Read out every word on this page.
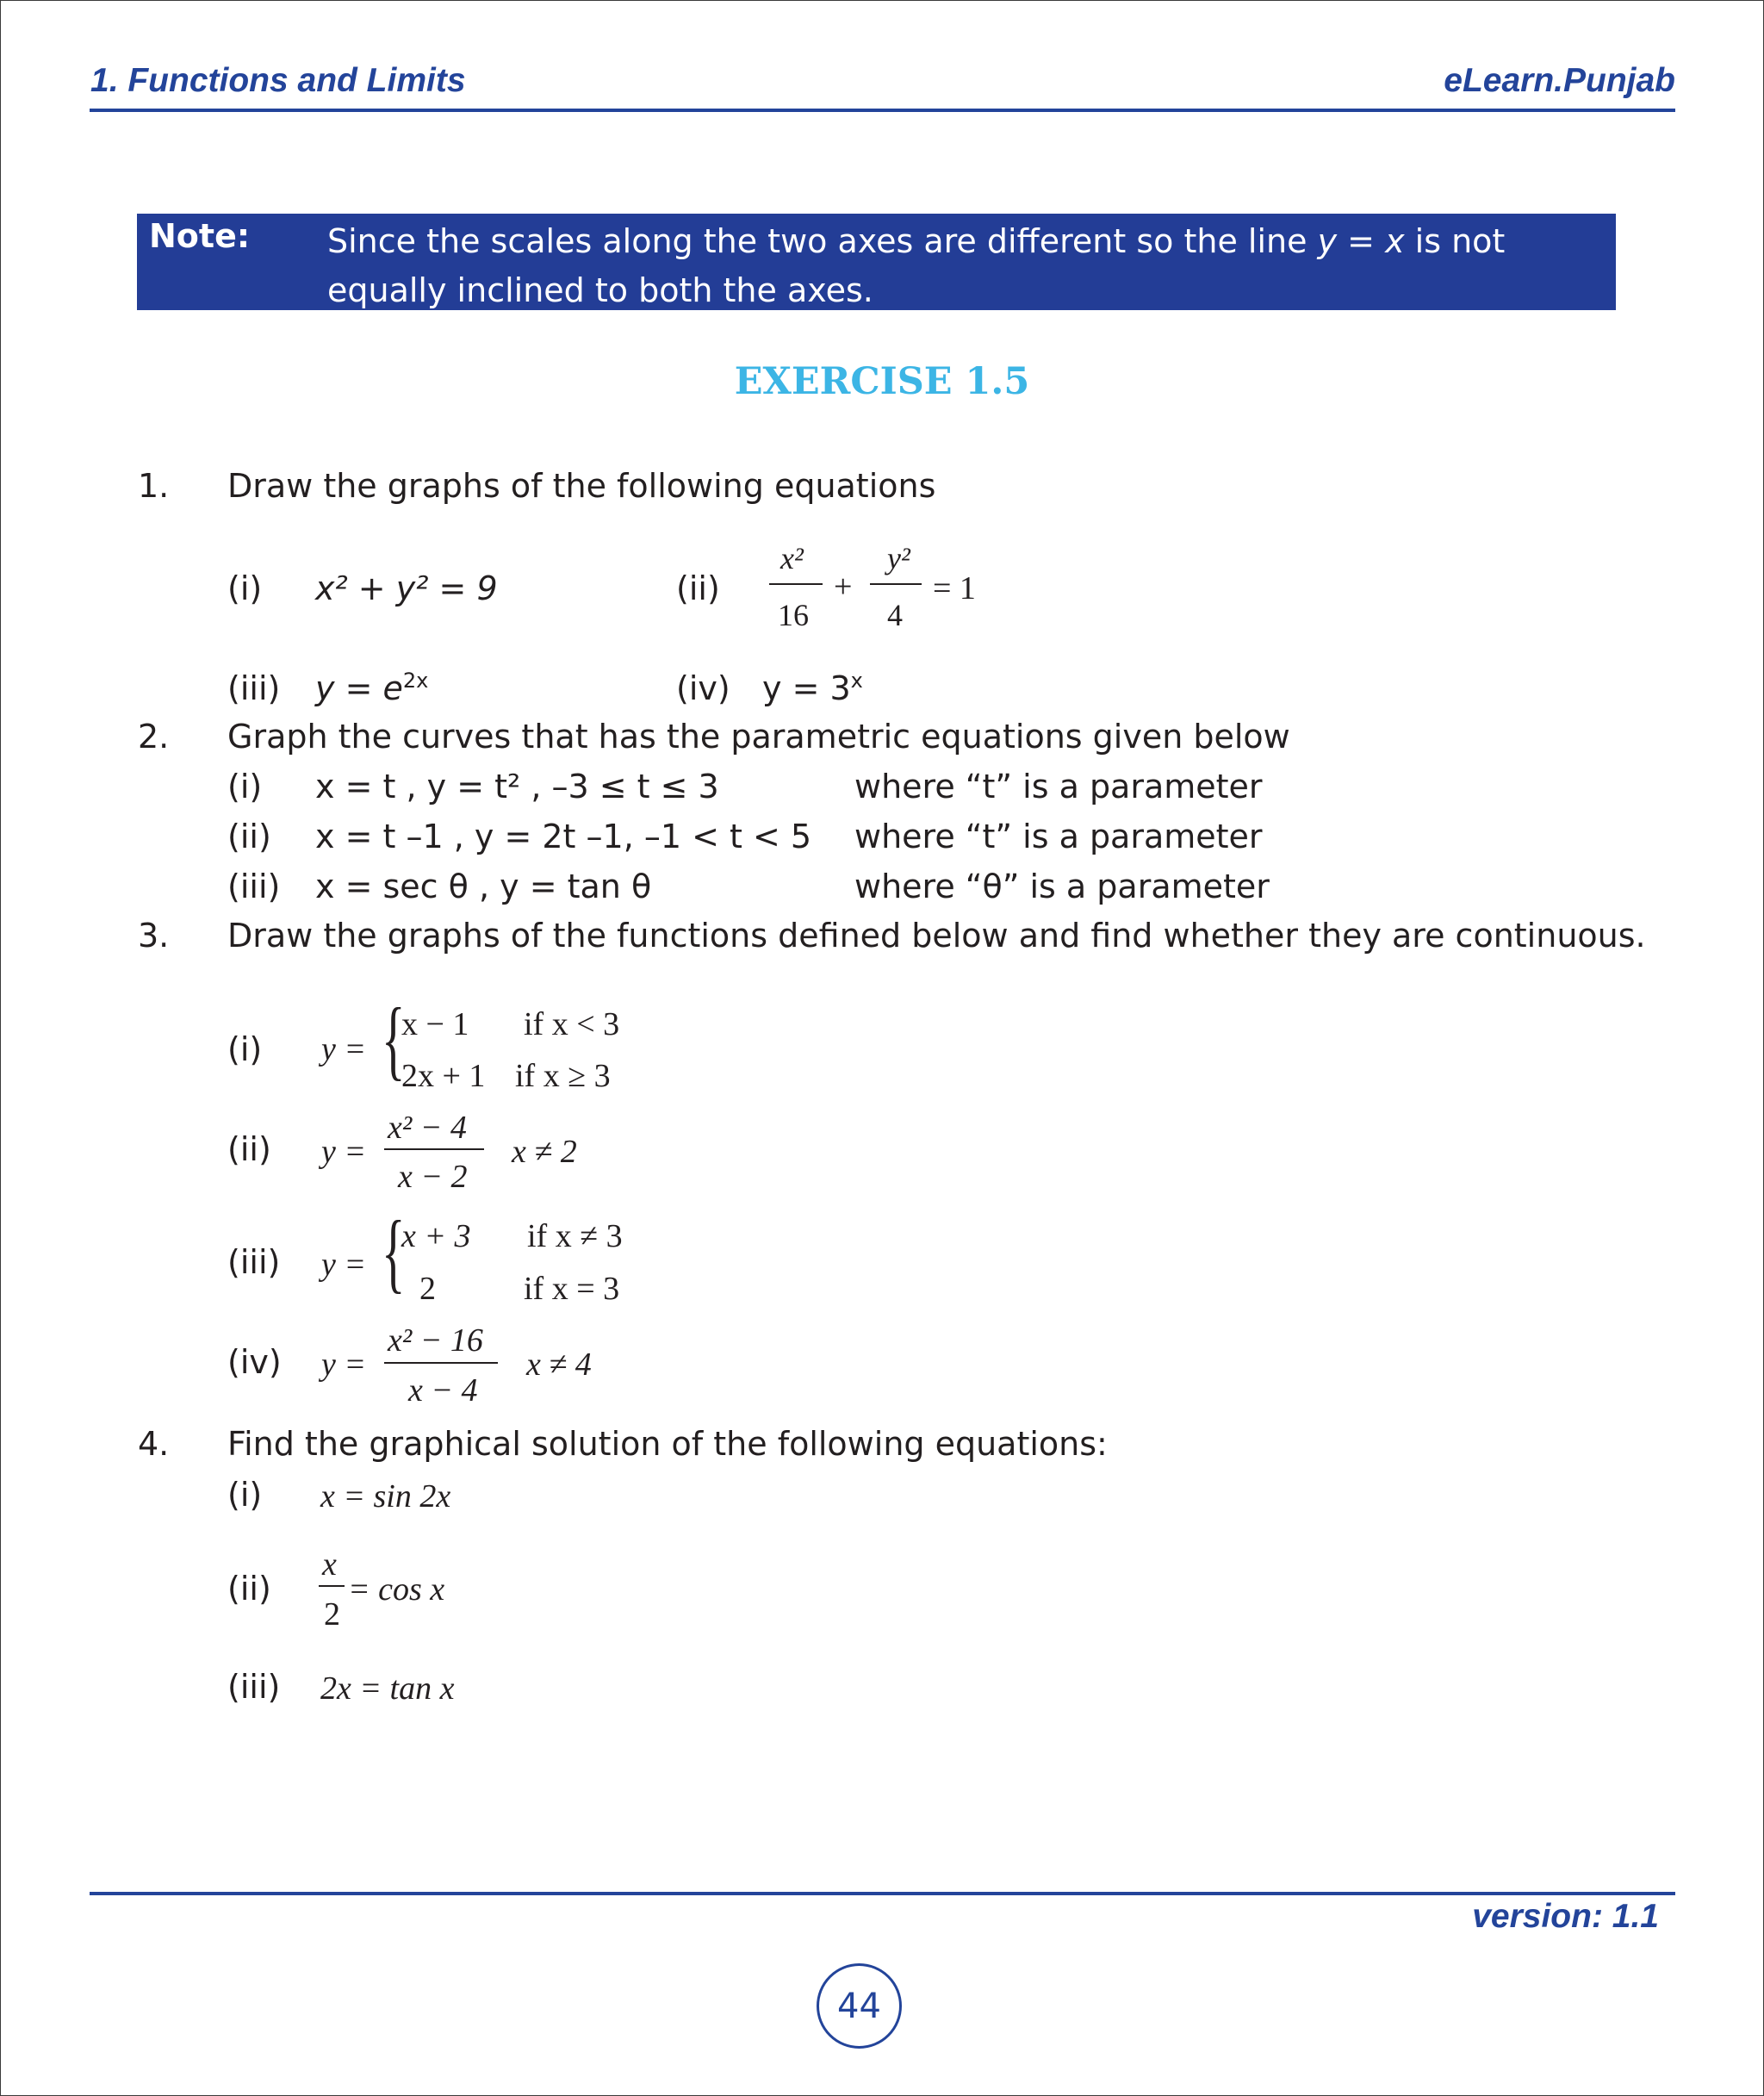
1. Functions and Limits	eLearn.Punjab
Note: Since the scales along the two axes are different so the line y = x is not equally inclined to both the axes.
EXERCISE 1.5
1. Draw the graphs of the following equations
(i) x² + y² = 9	(ii)
x²
16
+
y²
4
= 1
(iii) $y = e^{2x}$	(iv) $y = 3^x$
2. Graph the curves that has the parametric equations given below
(i) x = t , y = t² , –3 ≤ t ≤ 3	where “t” is a parameter
(ii) x = t –1 , y = 2t –1, –1 < t < 5 where “t” is a parameter
(iii) x = sec θ , y = tan θ	where “θ” is a parameter
3. Draw the graphs of the functions defined below and find whether they are continuous.
(i) y = {
x − 1 if x < 3
2x + 1 if x ≥ 3
(ii) y =
x² − 4
x − 2
x ≠ 2
(iii) y = {
x + 3 if x ≠ 3
2	if x = 3
(iv) y =
x² − 16
x − 4
x ≠ 4
4. Find the graphical solution of the following equations:
(i) x = sin 2x
(ii)
x
2
= cos x
(iii) 2x = tan x
version: 1.1
44
